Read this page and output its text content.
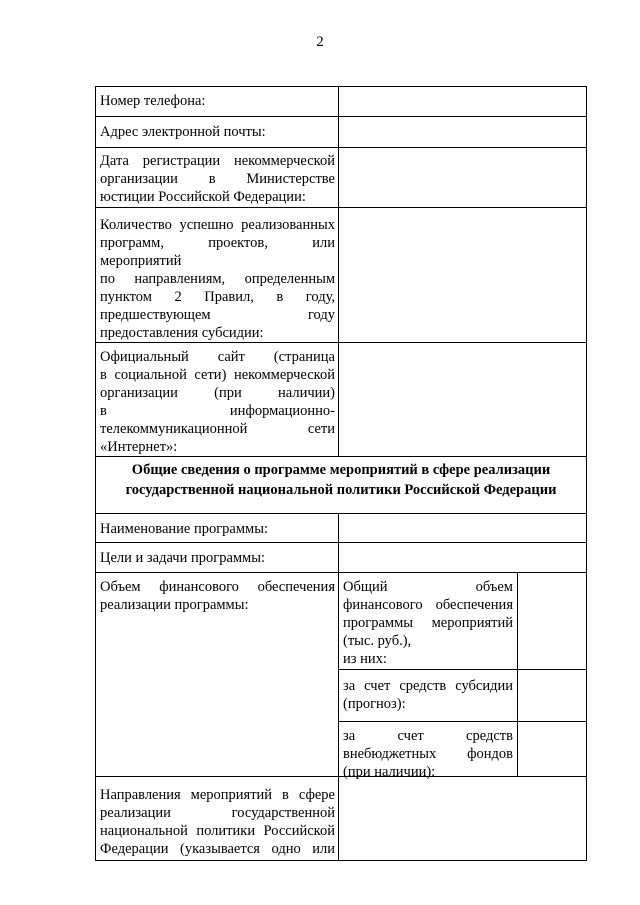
2
Номер телефона:
Адрес электронной почты:
Дата регистрации некоммерческой
организации в Министерстве
юстиции Российской Федерации:
Количество успешно реализованных
программ, проектов, или
мероприятий
по направлениям, определенным
пунктом 2 Правил, в году,
предшествующем году
предоставления субсидии:
Официальный сайт (страница
в социальной сети) некоммерческой
организации (при наличии)
в информационно-
телекоммуникационной сети
«Интернет»:
Общие сведения о программе мероприятий в сфере реализации
государственной национальной политики Российской Федерации
Наименование программы:
Цели и задачи программы:
Объем финансового обеспечения
реализации программы:
Общий объем
финансового обеспечения
программы мероприятий
(тыс. руб.),
из них:
за счет средств субсидии
(прогноз):
за счет средств
внебюджетных фондов
(при наличии):
Направления мероприятий в сфере
реализации государственной
национальной политики Российской
Федерации (указывается одно или
